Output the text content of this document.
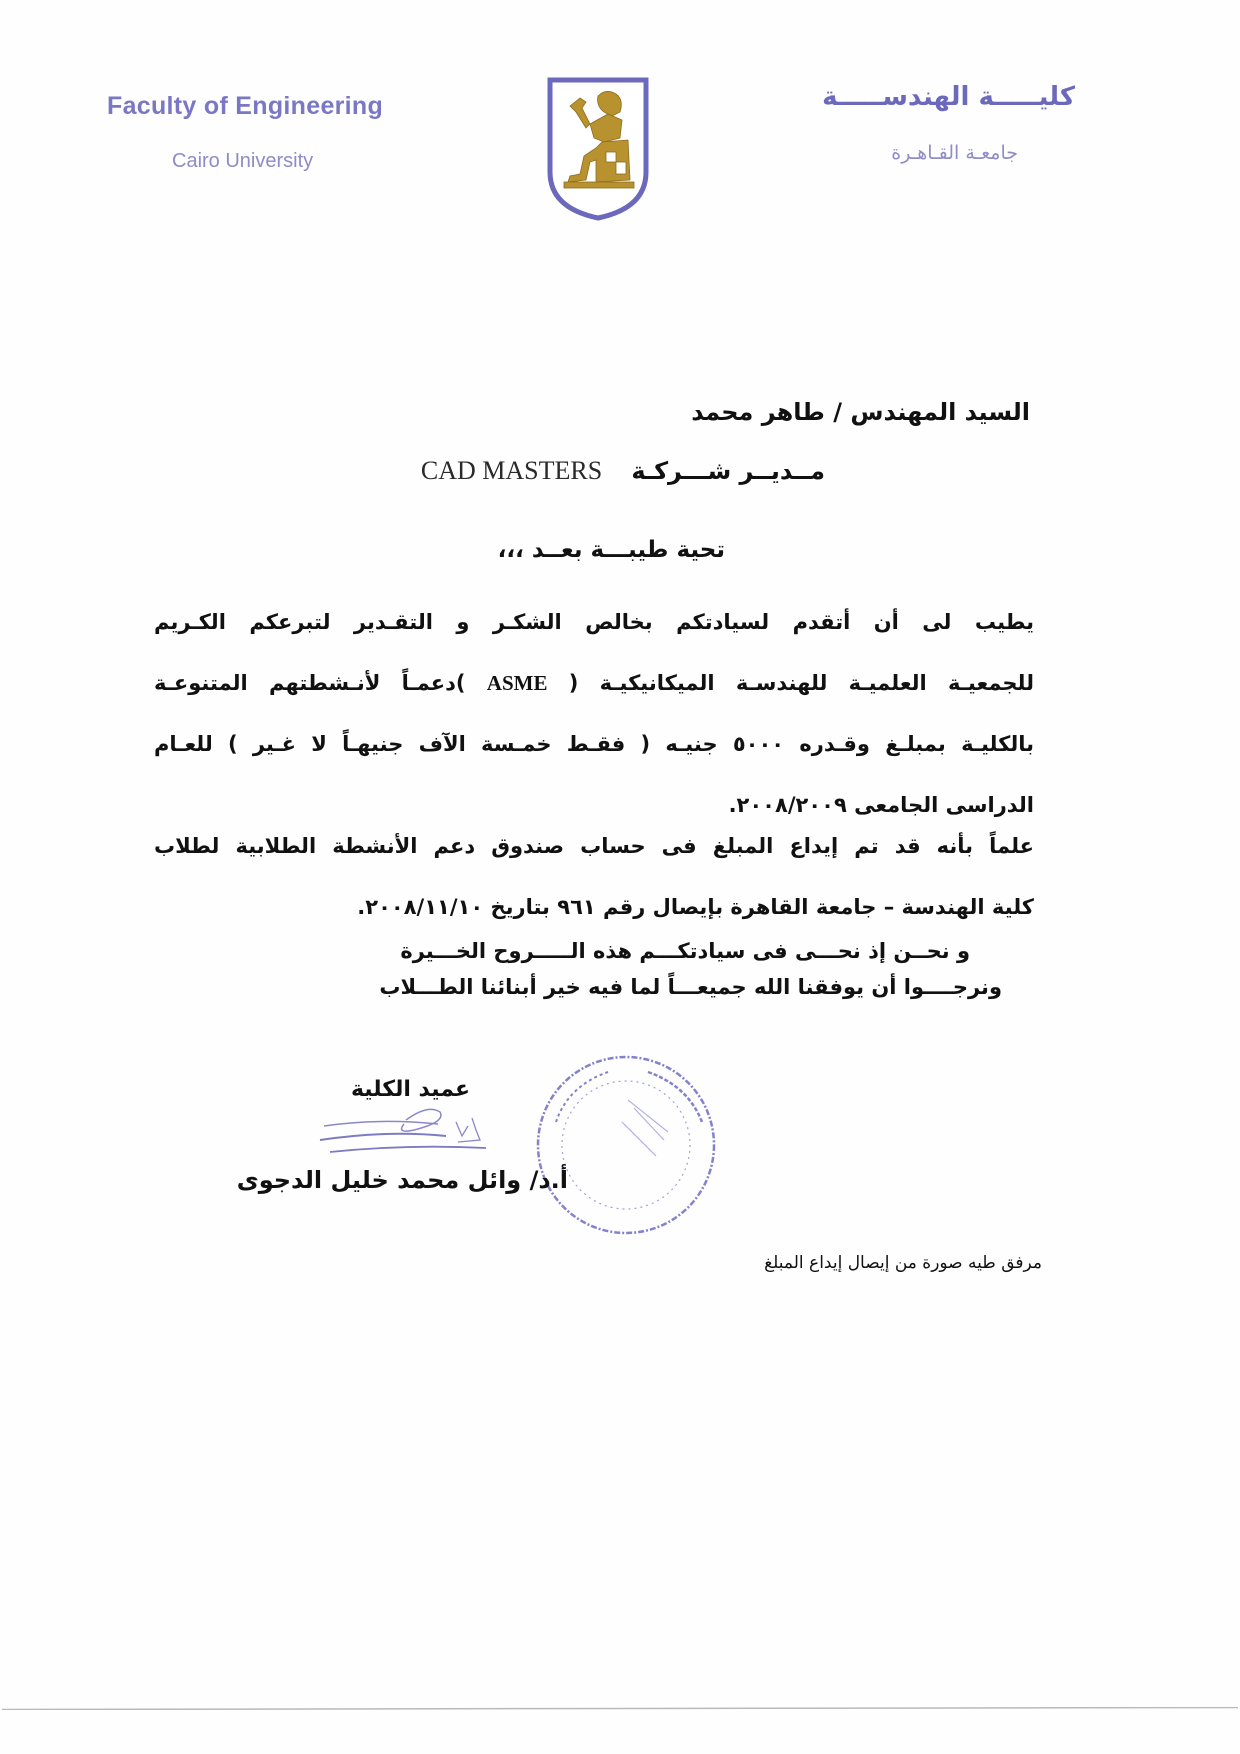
Faculty of Engineering
Cairo University
كليـــــة الهندســـــة
جامعـة القـاهـرة
السيد المهندس / طاهر محمد
مــديــر شـــركـة CAD MASTERS
تحية طيبـــة بعــد ،،،
يطيب لى أن أتقدم لسيادتكم بخالص الشكـر و التقـدير لتبرعكم الكـريم
للجمعيـة العلميـة للهندسـة الميكانيكيـة ( ASME )دعمـاً لأنـشطتهم المتنوعـة
بالكليـة بمبلـغ وقـدره ٥٠٠٠ جنيـه ( فقـط خمـسة الآف جنيهـاً لا غـير ) للعـام
الدراسى الجامعى ٢٠٠٨/٢٠٠٩.
علماً بأنه قد تم إيداع المبلغ فى حساب صندوق دعم الأنشطة الطلابية لطلاب
كلية الهندسة – جامعة القاهرة بإيصال رقم ٩٦١ بتاريخ ٢٠٠٨/١١/١٠.
و نحــن إذ نحـــى فى سيادتكـــم هذه الـــــروح الخـــيرة
ونرجــــوا أن يوفقنا الله جميعـــاً لما فيه خير أبنائنا الطـــلاب
عميد الكلية
أ.د/ وائل محمد خليل الدجوى
مرفق طيه صورة من إيصال إيداع المبلغ
